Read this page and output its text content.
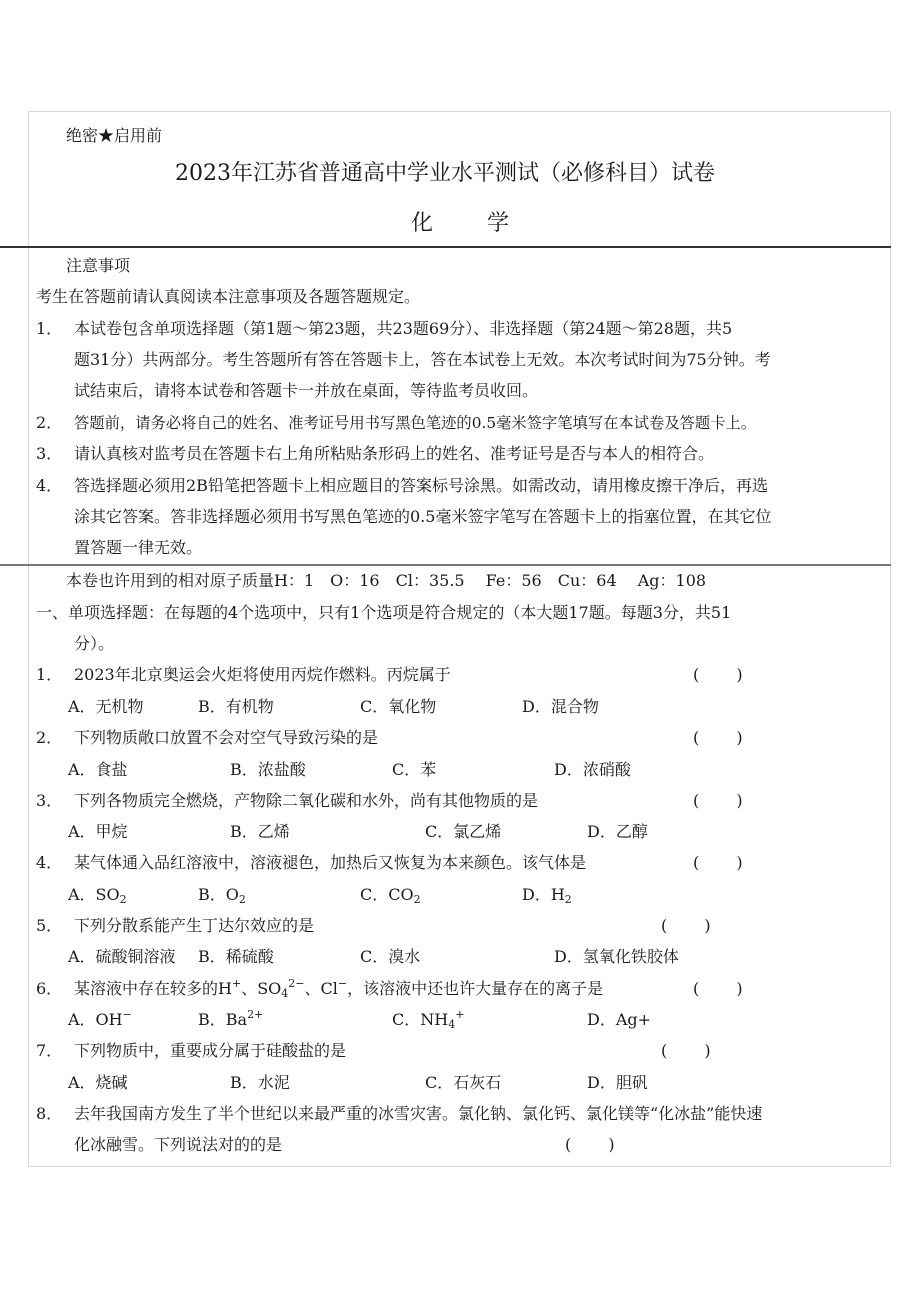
绝密★启用前
2023年江苏省普通高中学业水平测试（必修科目）试卷
化 学
注意事项
考生在答题前请认真阅读本注意事项及各题答题规定。
1． 本试卷包含单项选择题（第1题～第23题，共23题69分）、非选择题（第24题～第28题，共5
题31分）共两部分。考生答题所有答在答题卡上，答在本试卷上无效。本次考试时间为75分钟。考
试结束后，请将本试卷和答题卡一并放在桌面，等待监考员收回。
2． 答题前，请务必将自己的姓名、准考证号用书写黑色笔迹的0.5毫米签字笔填写在本试卷及答题卡上。
3． 请认真核对监考员在答题卡右上角所粘贴条形码上的姓名、准考证号是否与本人的相符合。
4． 答选择题必须用2B铅笔把答题卡上相应题目的答案标号涂黑。如需改动，请用橡皮擦干净后，再选
涂其它答案。答非选择题必须用书写黑色笔迹的0.5毫米签字笔写在答题卡上的指塞位置，在其它位
置答题一律无效。
本卷也许用到的相对原子质量H：1　O：16　Cl：35.5　 Fe：56　Cu：64　 Ag：108
一、单项选择题：在每题的4个选项中，只有1个选项是符合规定的（本大题17题。每题3分，共51
分）。
1． 2023年北京奥运会火炬将使用丙烷作燃料。丙烷属于	(　　 )
A．无机物	B．有机物	C．氧化物	D．混合物
2． 下列物质敞口放置不会对空气导致污染的是	(　　 )
A．食盐	B．浓盐酸	C．苯	D．浓硝酸
3． 下列各物质完全燃烧，产物除二氧化碳和水外，尚有其他物质的是	(　　 )
A．甲烷	B．乙烯	C．氯乙烯	D．乙醇
4． 某气体通入品红溶液中，溶液褪色，加热后又恢复为本来颜色。该气体是	(　　 )
A．$SO_2$	B．$O_2$	C．$CO_2$	D．$H_2$
5． 下列分散系能产生丁达尔效应的是	(　　 )
A．硫酸铜溶液 B．稀硫酸	C．溴水	D．氢氧化铁胶体
6． 某溶液中存在较多的H+、$SO_4^{2-}$、Cl−，该溶液中还也许大量存在的离子是	(　　 )
A．OH−	B．$Ba^{2+}$	C．$NH_4^+$	D．Ag+
7． 下列物质中，重要成分属于硅酸盐的是	(　　 )
A．烧碱	B．水泥	C．石灰石	D．胆矾
8． 去年我国南方发生了半个世纪以来最严重的冰雪灾害。氯化钠、氯化钙、氯化镁等“化冰盐”能快速
化冰融雪。下列说法对的的是	(　　 )
